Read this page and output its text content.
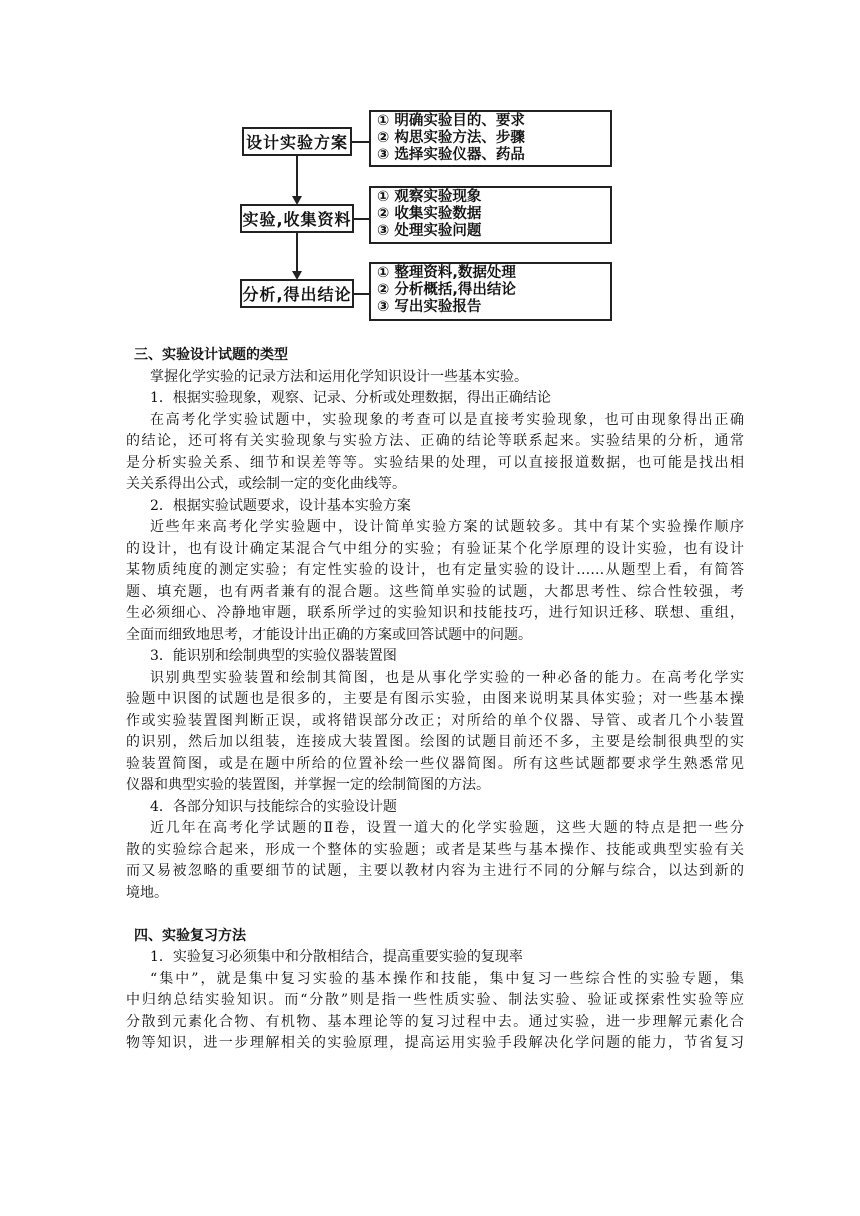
设计实验方案
① 明确实验目的、要求
② 构思实验方法、步骤
③ 选择实验仪器、药品
实验,收集资料
① 观察实验现象
② 收集实验数据
③ 处理实验问题
分析,得出结论
① 整理资料,数据处理
② 分析概括,得出结论
③ 写出实验报告
三、实验设计试题的类型
掌握化学实验的记录方法和运用化学知识设计一些基本实验。
1．根据实验现象，观察、记录、分析或处理数据，得出正确结论
在高考化学实验试题中，实验现象的考查可以是直接考实验现象，也可由现象得出正确
的结论，还可将有关实验现象与实验方法、正确的结论等联系起来。实验结果的分析，通常
是分析实验关系、细节和误差等等。实验结果的处理，可以直接报道数据，也可能是找出相
关关系得出公式，或绘制一定的变化曲线等。
2．根据实验试题要求，设计基本实验方案
近些年来高考化学实验题中，设计简单实验方案的试题较多。其中有某个实验操作顺序
的设计，也有设计确定某混合气中组分的实验；有验证某个化学原理的设计实验，也有设计
某物质纯度的测定实验；有定性实验的设计，也有定量实验的设计……从题型上看，有简答
题、填充题，也有两者兼有的混合题。这些简单实验的试题，大都思考性、综合性较强，考
生必须细心、冷静地审题，联系所学过的实验知识和技能技巧，进行知识迁移、联想、重组，
全面而细致地思考，才能设计出正确的方案或回答试题中的问题。
3．能识别和绘制典型的实验仪器装置图
识别典型实验装置和绘制其简图，也是从事化学实验的一种必备的能力。在高考化学实
验题中识图的试题也是很多的，主要是有图示实验，由图来说明某具体实验；对一些基本操
作或实验装置图判断正误，或将错误部分改正；对所给的单个仪器、导管、或者几个小装置
的识别，然后加以组装，连接成大装置图。绘图的试题目前还不多，主要是绘制很典型的实
验装置简图，或是在题中所给的位置补绘一些仪器简图。所有这些试题都要求学生熟悉常见
仪器和典型实验的装置图，并掌握一定的绘制简图的方法。
4．各部分知识与技能综合的实验设计题
近几年在高考化学试题的Ⅱ卷，设置一道大的化学实验题，这些大题的特点是把一些分
散的实验综合起来，形成一个整体的实验题；或者是某些与基本操作、技能或典型实验有关
而又易被忽略的重要细节的试题，主要以教材内容为主进行不同的分解与综合，以达到新的
境地。
四、实验复习方法
1．实验复习必须集中和分散相结合，提高重要实验的复现率
“集中”，就是集中复习实验的基本操作和技能，集中复习一些综合性的实验专题，集
中归纳总结实验知识。而“分散”则是指一些性质实验、制法实验、验证或探索性实验等应
分散到元素化合物、有机物、基本理论等的复习过程中去。通过实验，进一步理解元素化合
物等知识，进一步理解相关的实验原理，提高运用实验手段解决化学问题的能力，节省复习
